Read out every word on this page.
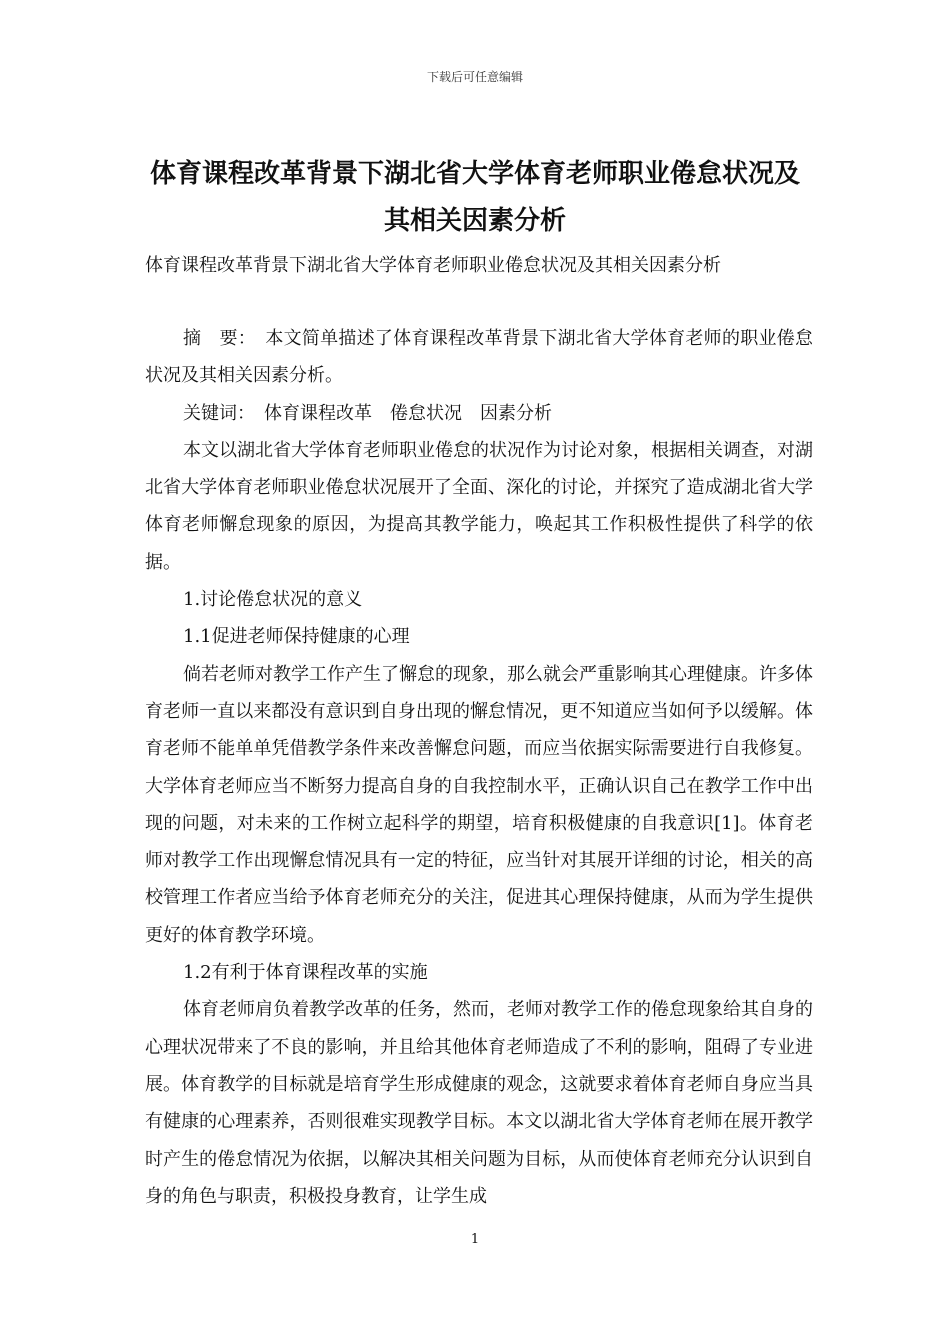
下载后可任意编辑
体育课程改革背景下湖北省大学体育老师职业倦怠状况及
其相关因素分析
体育课程改革背景下湖北省大学体育老师职业倦怠状况及其相关因素分析

摘　要：　本文简单描述了体育课程改革背景下湖北省大学体育老师的职业倦怠状况及其相关因素分析。

关键词：　体育课程改革　倦怠状况　因素分析

本文以湖北省大学体育老师职业倦怠的状况作为讨论对象，根据相关调查，对湖北省大学体育老师职业倦怠状况展开了全面、深化的讨论，并探究了造成湖北省大学体育老师懈怠现象的原因，为提高其教学能力，唤起其工作积极性提供了科学的依据。

1.讨论倦怠状况的意义

1.1促进老师保持健康的心理

倘若老师对教学工作产生了懈怠的现象，那么就会严重影响其心理健康。许多体育老师一直以来都没有意识到自身出现的懈怠情况，更不知道应当如何予以缓解。体育老师不能单单凭借教学条件来改善懈怠问题，而应当依据实际需要进行自我修复。大学体育老师应当不断努力提高自身的自我控制水平，正确认识自己在教学工作中出现的问题，对未来的工作树立起科学的期望，培育积极健康的自我意识[1]。体育老师对教学工作出现懈怠情况具有一定的特征，应当针对其展开详细的讨论，相关的高校管理工作者应当给予体育老师充分的关注，促进其心理保持健康，从而为学生提供更好的体育教学环境。

1.2有利于体育课程改革的实施

体育老师肩负着教学改革的任务，然而，老师对教学工作的倦怠现象给其自身的心理状况带来了不良的影响，并且给其他体育老师造成了不利的影响，阻碍了专业进展。体育教学的目标就是培育学生形成健康的观念，这就要求着体育老师自身应当具有健康的心理素养，否则很难实现教学目标。本文以湖北省大学体育老师在展开教学时产生的倦怠情况为依据，以解决其相关问题为目标，从而使体育老师充分认识到自身的角色与职责，积极投身教育，让学生成

1
